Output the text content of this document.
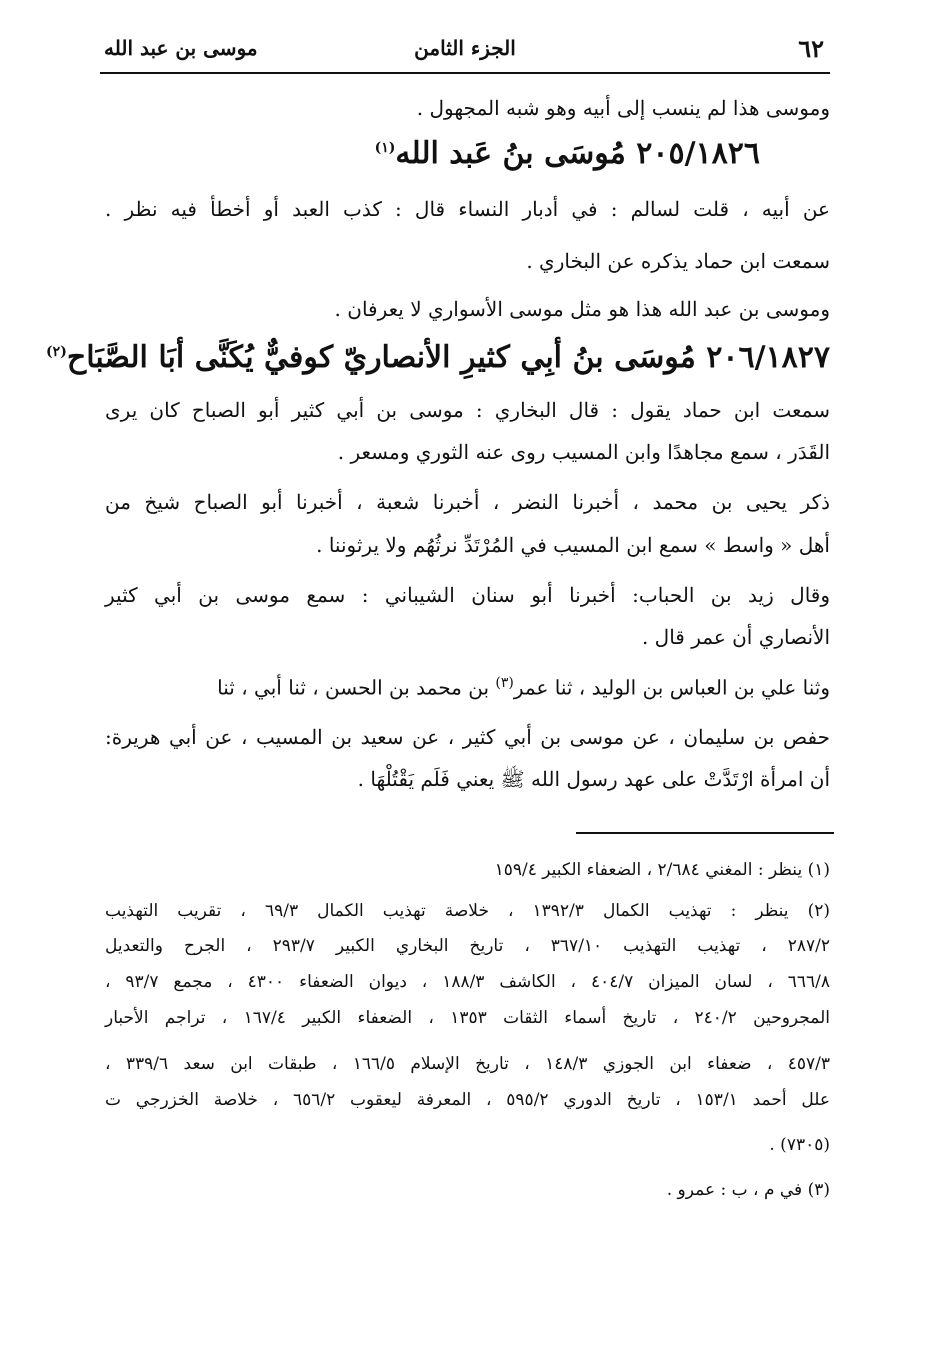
٦٢
الجزء الثامن
موسى بن عبد الله
وموسى هذا لم ينسب إلى أبيه وهو شبه المجهول .
٢٠٥/١٨٢٦ مُوسَى بنُ عَبد الله$^{(١)}$
عن أبيه ، قلت لسالم : في أدبار النساء قال : كذب العبد أو أخطأ فيه نظر .
سمعت ابن حماد يذكره عن البخاري .
وموسى بن عبد الله هذا هو مثل موسى الأسواري لا يعرفان .
٢٠٦/١٨٢٧ مُوسَى بنُ أبِي كثيرِ الأنصاريّ كوفيٌّ يُكَنَّى أبَا الصَّبَاح$^{(٢)}$
سمعت ابن حماد يقول : قال البخاري : موسى بن أبي كثير أبو الصباح كان يرى
القَدَر ، سمع مجاهدًا وابن المسيب روى عنه الثوري ومسعر .
ذكر يحيى بن محمد ، أخبرنا النضر ، أخبرنا شعبة ، أخبرنا أبو الصباح شيخ من
أهل « واسط » سمع ابن المسيب في المُرْتَدِّ نرثُهُم ولا يرثوننا .
وقال زيد بن الحباب: أخبرنا أبو سنان الشيباني : سمع موسى بن أبي كثير
الأنصاري أن عمر قال .
وثنا علي بن العباس بن الوليد ، ثنا عمر$^{(٣)}$ بن محمد بن الحسن ، ثنا أبي ، ثنا
حفص بن سليمان ، عن موسى بن أبي كثير ، عن سعيد بن المسيب ، عن أبي هريرة:
أن امرأة ارْتَدَّتْ على عهد رسول الله ﷺ يعني فَلَم يَقْتُلْهَا .
(١) ينظر : المغني ٢/٦٨٤ ، الضعفاء الكبير ١٥٩/٤
(٢) ينظر : تهذيب الكمال ١٣٩٢/٣ ، خلاصة تهذيب الكمال ٦٩/٣ ، تقريب التهذيب
٢٨٧/٢ ، تهذيب التهذيب ٣٦٧/١٠ ، تاريخ البخاري الكبير ٢٩٣/٧ ، الجرح والتعديل
٦٦٦/٨ ، لسان الميزان ٤٠٤/٧ ، الكاشف ١٨٨/٣ ، ديوان الضعفاء ٤٣٠٠ ، مجمع ٩٣/٧ ،
المجروحين ٢٤٠/٢ ، تاريخ أسماء الثقات ١٣٥٣ ، الضعفاء الكبير ١٦٧/٤ ، تراجم الأحبار
٤٥٧/٣ ، ضعفاء ابن الجوزي ١٤٨/٣ ، تاريخ الإسلام ١٦٦/٥ ، طبقات ابن سعد ٣٣٩/٦ ،
علل أحمد ١٥٣/١ ، تاريخ الدوري ٥٩٥/٢ ، المعرفة ليعقوب ٦٥٦/٢ ، خلاصة الخزرجي ت
(٧٣٠٥) .
(٣) في م ، ب : عمرو .
